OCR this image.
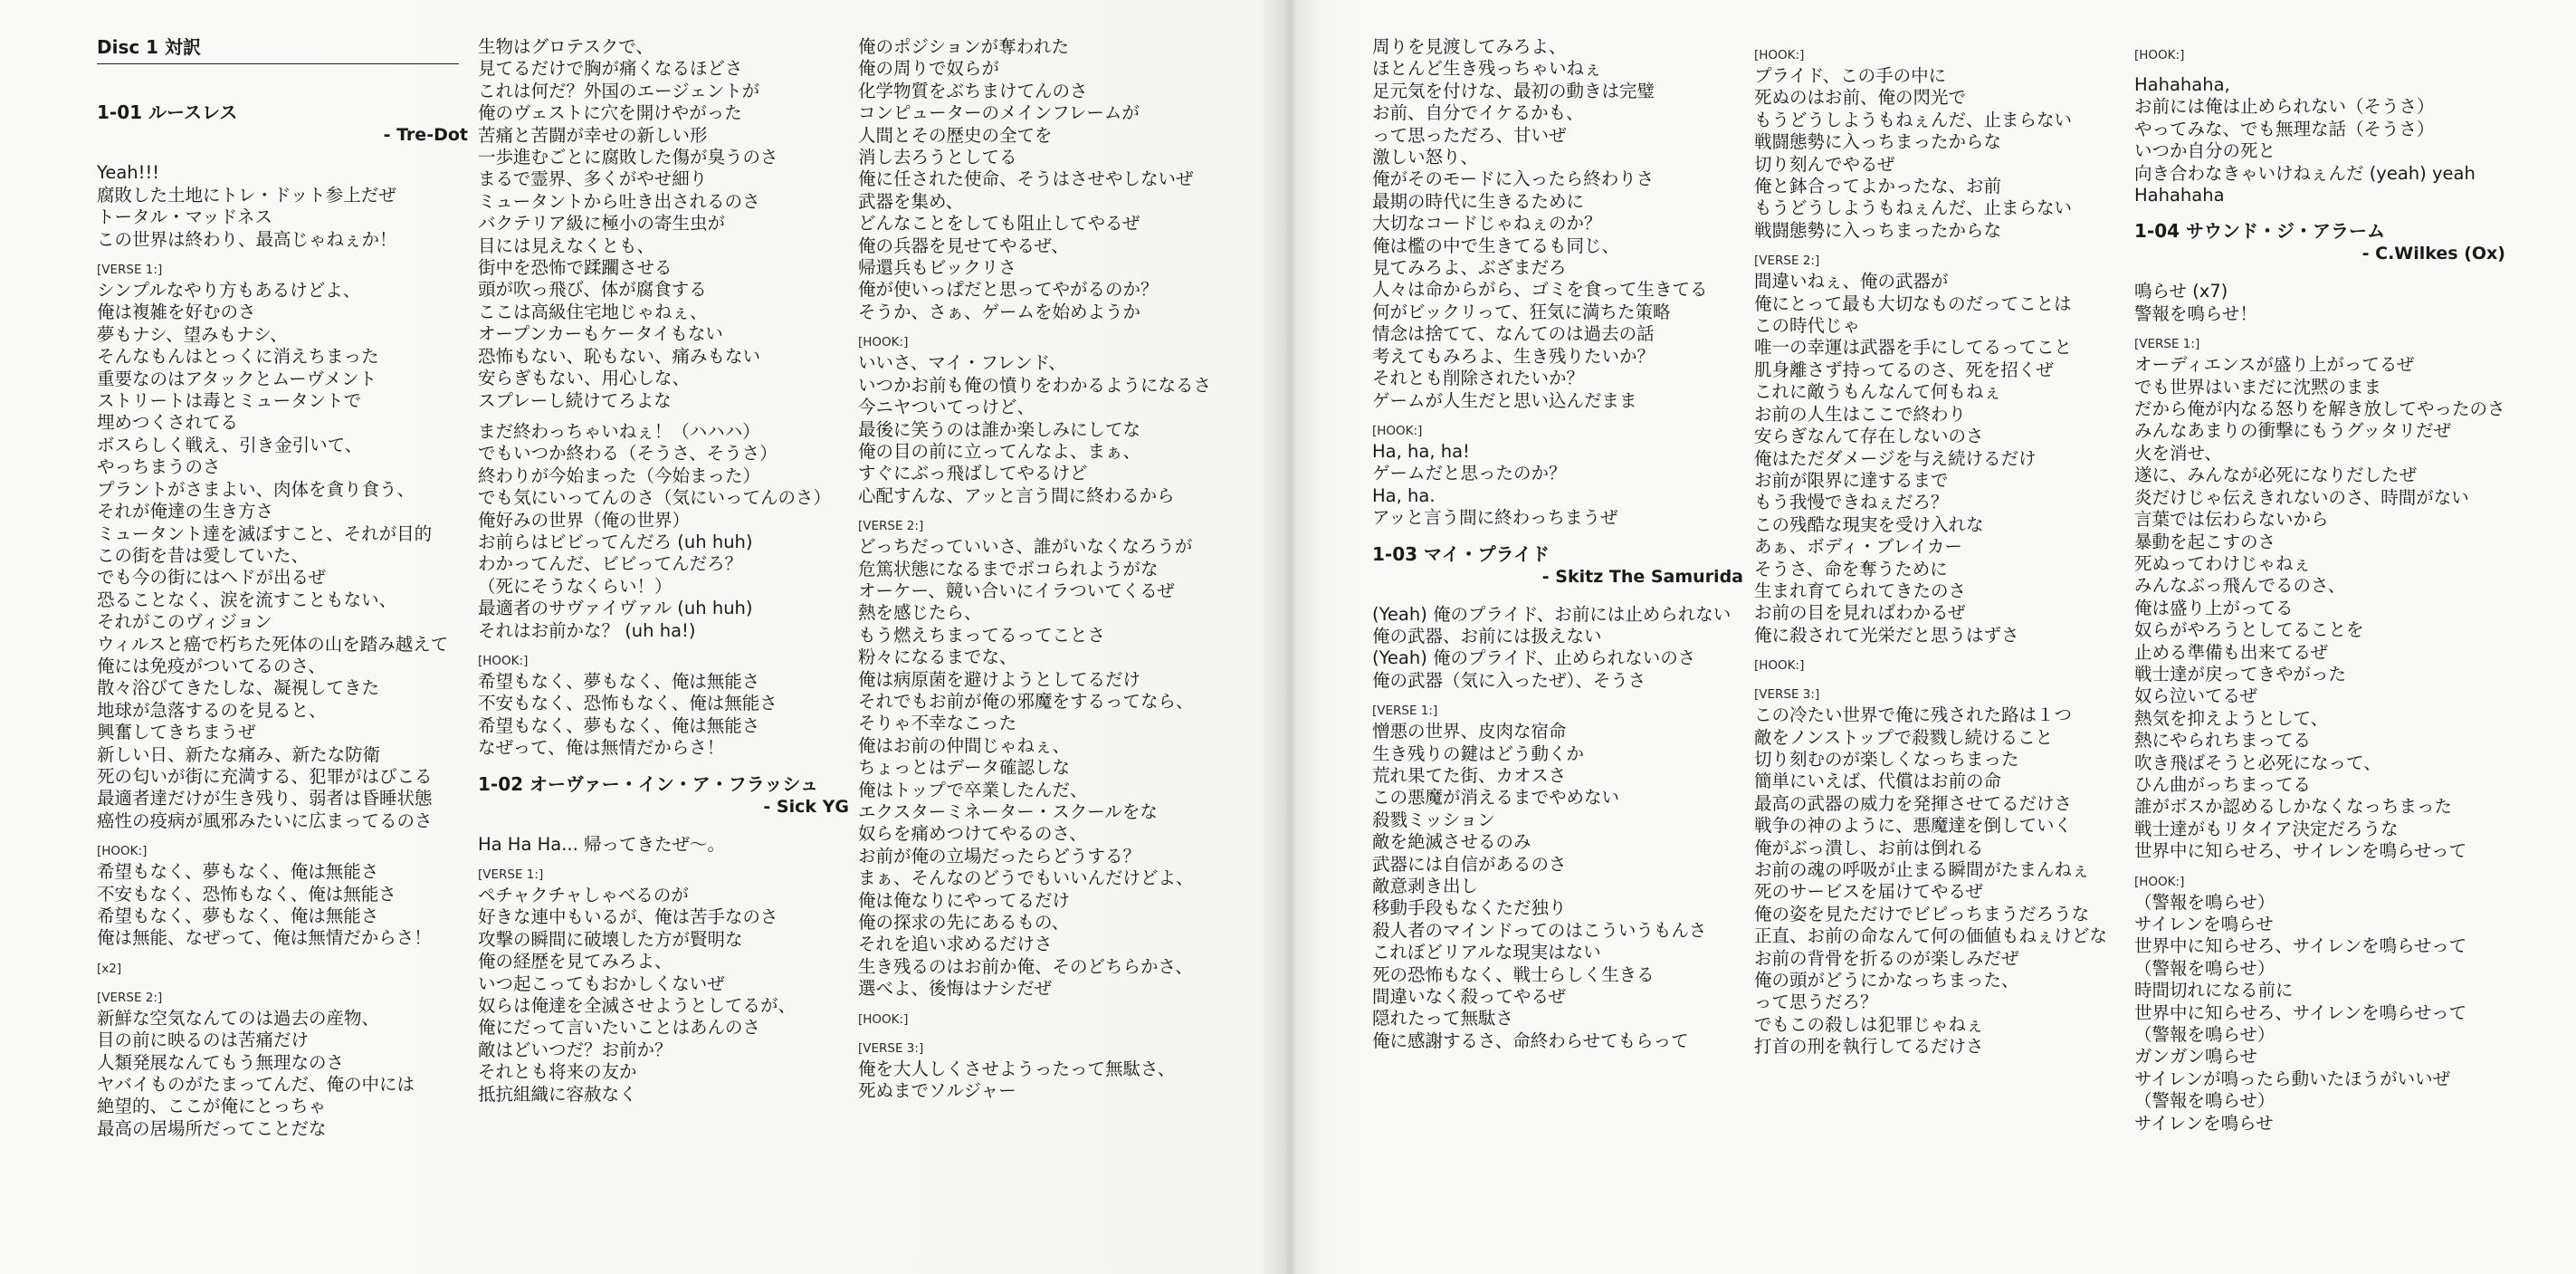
Disc 1 対訳
1-01 ルースレス
- Tre-Dot
Yeah!!!
腐敗した土地にトレ・ドット参上だぜ
トータル・マッドネス
この世界は終わり、最高じゃねぇか！
[VERSE 1:]
シンプルなやり方もあるけどよ、
俺は複雑を好むのさ
夢もナシ、望みもナシ、
そんなもんはとっくに消えちまった
重要なのはアタックとムーヴメント
ストリートは毒とミュータントで
埋めつくされてる
ボスらしく戦え、引き金引いて、
やっちまうのさ
プラントがさまよい、肉体を貪り食う、
それが俺達の生き方さ
ミュータント達を滅ぼすこと、それが目的
この街を昔は愛していた、
でも今の街にはヘドが出るぜ
恐ることなく、涙を流すこともない、
それがこのヴィジョン
ウィルスと癌で朽ちた死体の山を踏み越えて
俺には免疫がついてるのさ、
散々浴びてきたしな、凝視してきた
地球が急落するのを見ると、
興奮してきちまうぜ
新しい日、新たな痛み、新たな防衛
死の匂いが街に充満する、犯罪がはびこる
最適者達だけが生き残り、弱者は昏睡状態
癌性の疫病が風邪みたいに広まってるのさ
[HOOK:]
希望もなく、夢もなく、俺は無能さ
不安もなく、恐怖もなく、俺は無能さ
希望もなく、夢もなく、俺は無能さ
俺は無能、なぜって、俺は無情だからさ！
[x2]
[VERSE 2:]
新鮮な空気なんてのは過去の産物、
目の前に映るのは苦痛だけ
人類発展なんてもう無理なのさ
ヤバイものがたまってんだ、俺の中には
絶望的、ここが俺にとっちゃ
最高の居場所だってことだな
生物はグロテスクで、
見てるだけで胸が痛くなるほどさ
これは何だ？外国のエージェントが
俺のヴェストに穴を開けやがった
苦痛と苦闘が幸せの新しい形
一歩進むごとに腐敗した傷が臭うのさ
まるで霊界、多くがやせ細り
ミュータントから吐き出されるのさ
バクテリア級に極小の寄生虫が
目には見えなくとも、
街中を恐怖で蹂躙させる
頭が吹っ飛び、体が腐食する
ここは高級住宅地じゃねぇ、
オープンカーもケータイもない
恐怖もない、恥もない、痛みもない
安らぎもない、用心しな、
スプレーし続けてろよな
まだ終わっちゃいねぇ！（ハハハ）
でもいつか終わる（そうさ、そうさ）
終わりが今始まった（今始まった）
でも気にいってんのさ（気にいってんのさ）
俺好みの世界（俺の世界）
お前らはビビってんだろ (uh huh)
わかってんだ、ビビってんだろ？
（死にそうなくらい！）
最適者のサヴァイヴァル (uh huh)
それはお前かな？ (uh ha!)
[HOOK:]
希望もなく、夢もなく、俺は無能さ
不安もなく、恐怖もなく、俺は無能さ
希望もなく、夢もなく、俺は無能さ
なぜって、俺は無情だからさ！
1-02 オーヴァー・イン・ア・フラッシュ
- Sick YG
Ha Ha Ha... 帰ってきたぜ〜。
[VERSE 1:]
ペチャクチャしゃべるのが
好きな連中もいるが、俺は苦手なのさ
攻撃の瞬間に破壊した方が賢明な
俺の経歴を見てみろよ、
いつ起こってもおかしくないぜ
奴らは俺達を全滅させようとしてるが、
俺にだって言いたいことはあんのさ
敵はどいつだ？お前か？
それとも将来の友か
抵抗組織に容赦なく
俺のポジションが奪われた
俺の周りで奴らが
化学物質をぶちまけてんのさ
コンピューターのメインフレームが
人間とその歴史の全てを
消し去ろうとしてる
俺に任された使命、そうはさせやしないぜ
武器を集め、
どんなことをしても阻止してやるぜ
俺の兵器を見せてやるぜ、
帰還兵もビックリさ
俺が使いっぱだと思ってやがるのか？
そうか、さぁ、ゲームを始めようか
[HOOK:]
いいさ、マイ・フレンド、
いつかお前も俺の憤りをわかるようになるさ
今ニヤついてっけど、
最後に笑うのは誰か楽しみにしてな
俺の目の前に立ってんなよ、まぁ、
すぐにぶっ飛ばしてやるけど
心配すんな、アッと言う間に終わるから
[VERSE 2:]
どっちだっていいさ、誰がいなくなろうが
危篤状態になるまでボコられようがな
オーケー、競い合いにイラついてくるぜ
熱を感じたら、
もう燃えちまってるってことさ
粉々になるまでな、
俺は病原菌を避けようとしてるだけ
それでもお前が俺の邪魔をするってなら、
そりゃ不幸なこった
俺はお前の仲間じゃねぇ、
ちょっとはデータ確認しな
俺はトップで卒業したんだ、
エクスターミネーター・スクールをな
奴らを痛めつけてやるのさ、
お前が俺の立場だったらどうする？
まぁ、そんなのどうでもいいんだけどよ、
俺は俺なりにやってるだけ
俺の探求の先にあるもの、
それを追い求めるだけさ
生き残るのはお前か俺、そのどちらかさ、
選べよ、後悔はナシだぜ
[HOOK:]
[VERSE 3:]
俺を大人しくさせようったって無駄さ、
死ぬまでソルジャー
周りを見渡してみろよ、
ほとんど生き残っちゃいねぇ
足元気を付けな、最初の動きは完璧
お前、自分でイケるかも、
って思っただろ、甘いぜ
激しい怒り、
俺がそのモードに入ったら終わりさ
最期の時代に生きるために
大切なコードじゃねぇのか？
俺は檻の中で生きてるも同じ、
見てみろよ、ぶざまだろ
人々は命からがら、ゴミを食って生きてる
何がビックリって、狂気に満ちた策略
情念は捨てて、なんてのは過去の話
考えてもみろよ、生き残りたいか？
それとも削除されたいか？
ゲームが人生だと思い込んだまま
[HOOK:]
Ha, ha, ha!
ゲームだと思ったのか？
Ha, ha.
アッと言う間に終わっちまうぜ
1-03 マイ・プライド
- Skitz The Samurida
(Yeah) 俺のプライド、お前には止められない
俺の武器、お前には扱えない
(Yeah) 俺のプライド、止められないのさ
俺の武器（気に入ったぜ）、そうさ
[VERSE 1:]
憎悪の世界、皮肉な宿命
生き残りの鍵はどう動くか
荒れ果てた街、カオスさ
この悪魔が消えるまでやめない
殺戮ミッション
敵を絶滅させるのみ
武器には自信があるのさ
敵意剥き出し
移動手段もなくただ独り
殺人者のマインドってのはこういうもんさ
これぼどリアルな現実はない
死の恐怖もなく、戦士らしく生きる
間違いなく殺ってやるぜ
隠れたって無駄さ
俺に感謝するさ、命終わらせてもらって
[HOOK:]
プライド、この手の中に
死ぬのはお前、俺の閃光で
もうどうしようもねぇんだ、止まらない
戦闘態勢に入っちまったからな
切り刻んでやるぜ
俺と鉢合ってよかったな、お前
もうどうしようもねぇんだ、止まらない
戦闘態勢に入っちまったからな
[VERSE 2:]
間違いねぇ、俺の武器が
俺にとって最も大切なものだってことは
この時代じゃ
唯一の幸運は武器を手にしてるってこと
肌身離さず持ってるのさ、死を招くぜ
これに敵うもんなんて何もねぇ
お前の人生はここで終わり
安らぎなんて存在しないのさ
俺はただダメージを与え続けるだけ
お前が限界に達するまで
もう我慢できねぇだろ？
この残酷な現実を受け入れな
あぁ、ボディ・ブレイカー
そうさ、命を奪うために
生まれ育てられてきたのさ
お前の目を見ればわかるぜ
俺に殺されて光栄だと思うはずさ
[HOOK:]
[VERSE 3:]
この冷たい世界で俺に残された路は１つ
敵をノンストップで殺戮し続けること
切り刻むのが楽しくなっちまった
簡単にいえば、代償はお前の命
最高の武器の威力を発揮させてるだけさ
戦争の神のように、悪魔達を倒していく
俺がぶっ潰し、お前は倒れる
お前の魂の呼吸が止まる瞬間がたまんねぇ
死のサービスを届けてやるぜ
俺の姿を見ただけでビビっちまうだろうな
正直、お前の命なんて何の価値もねぇけどな
お前の背骨を折るのが楽しみだぜ
俺の頭がどうにかなっちまった、
って思うだろ？
でもこの殺しは犯罪じゃねぇ
打首の刑を執行してるだけさ
[HOOK:]
Hahahaha,
お前には俺は止められない（そうさ）
やってみな、でも無理な話（そうさ）
いつか自分の死と
向き合わなきゃいけねぇんだ (yeah) yeah
Hahahaha
1-04 サウンド・ジ・アラーム
- C.Wilkes (Ox)
鳴らせ (x7)
警報を鳴らせ！
[VERSE 1:]
オーディエンスが盛り上がってるぜ
でも世界はいまだに沈黙のまま
だから俺が内なる怒りを解き放してやったのさ
みんなあまりの衝撃にもうグッタリだぜ
火を消せ、
遂に、みんなが必死になりだしたぜ
炎だけじゃ伝えきれないのさ、時間がない
言葉では伝わらないから
暴動を起こすのさ
死ぬってわけじゃねぇ
みんなぶっ飛んでるのさ、
俺は盛り上がってる
奴らがやろうとしてることを
止める準備も出来てるぜ
戦士達が戻ってきやがった
奴ら泣いてるぜ
熱気を抑えようとして、
熱にやられちまってる
吹き飛ばそうと必死になって、
ひん曲がっちまってる
誰がボスか認めるしかなくなっちまった
戦士達がもリタイア決定だろうな
世界中に知らせろ、サイレンを鳴らせって
[HOOK:]
（警報を鳴らせ）
サイレンを鳴らせ
世界中に知らせろ、サイレンを鳴らせって
（警報を鳴らせ）
時間切れになる前に
世界中に知らせろ、サイレンを鳴らせって
（警報を鳴らせ）
ガンガン鳴らせ
サイレンが鳴ったら動いたほうがいいぜ
（警報を鳴らせ）
サイレンを鳴らせ
